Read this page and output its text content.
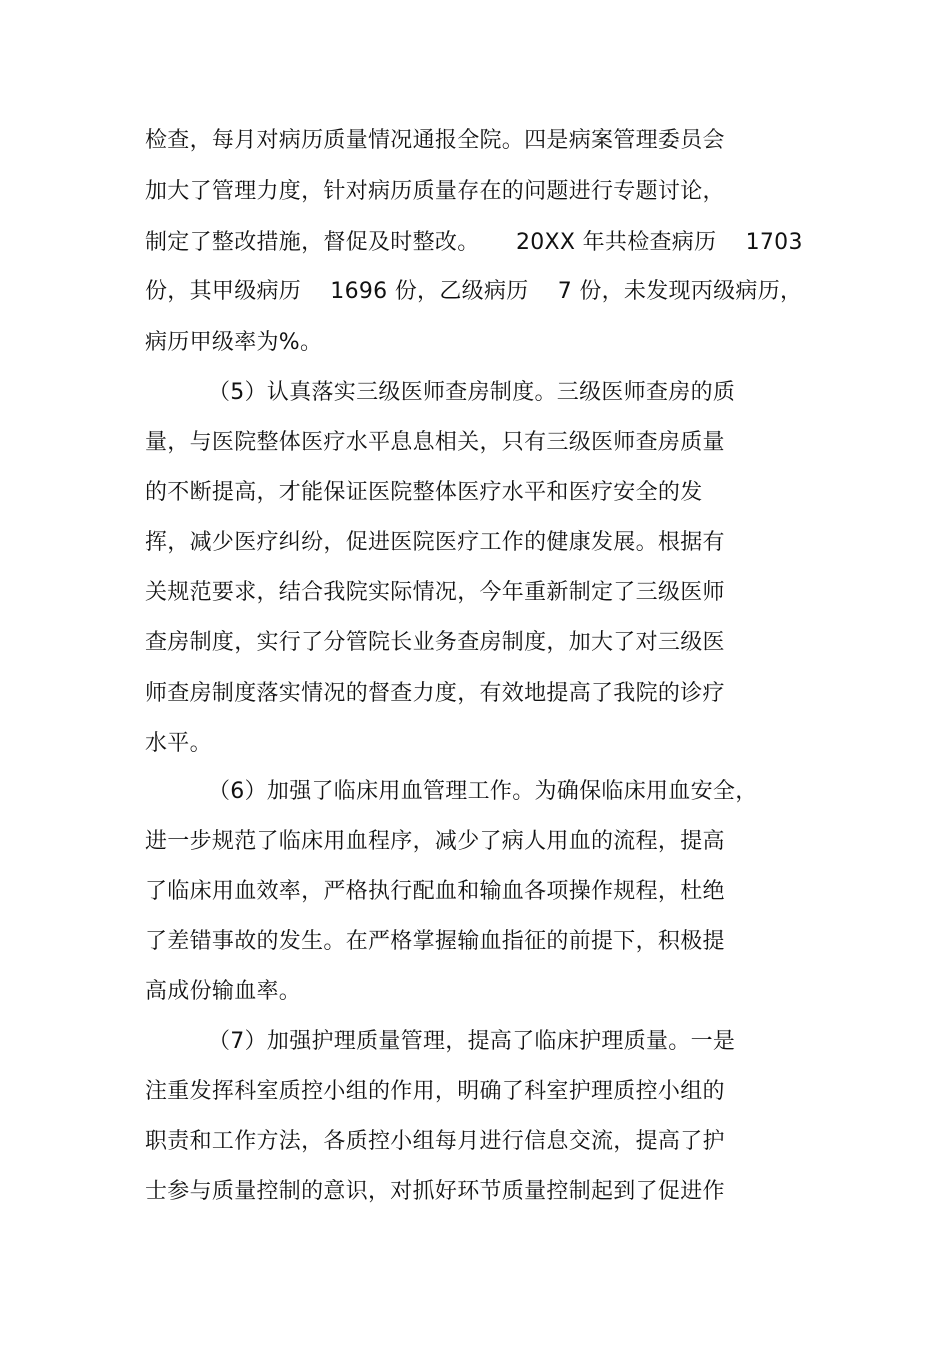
检查，每月对病历质量情况通报全院。四是病案管理委员会
加大了管理力度，针对病历质量存在的问题进行专题讨论，
制定了整改措施，督促及时整改。     20XX 年共检查病历    1703
份，其甲级病历    1696 份，乙级病历    7 份，未发现丙级病历，
病历甲级率为%。
（5）认真落实三级医师查房制度。三级医师查房的质
量，与医院整体医疗水平息息相关，只有三级医师查房质量
的不断提高，才能保证医院整体医疗水平和医疗安全的发
挥，减少医疗纠纷，促进医院医疗工作的健康发展。根据有
关规范要求，结合我院实际情况，今年重新制定了三级医师
查房制度，实行了分管院长业务查房制度，加大了对三级医
师查房制度落实情况的督查力度，有效地提高了我院的诊疗
水平。
（6）加强了临床用血管理工作。为确保临床用血安全，
进一步规范了临床用血程序，减少了病人用血的流程，提高
了临床用血效率，严格执行配血和输血各项操作规程，杜绝
了差错事故的发生。在严格掌握输血指征的前提下，积极提
高成份输血率。
（7）加强护理质量管理，提高了临床护理质量。一是
注重发挥科室质控小组的作用，明确了科室护理质控小组的
职责和工作方法，各质控小组每月进行信息交流，提高了护
士参与质量控制的意识，对抓好环节质量控制起到了促进作
